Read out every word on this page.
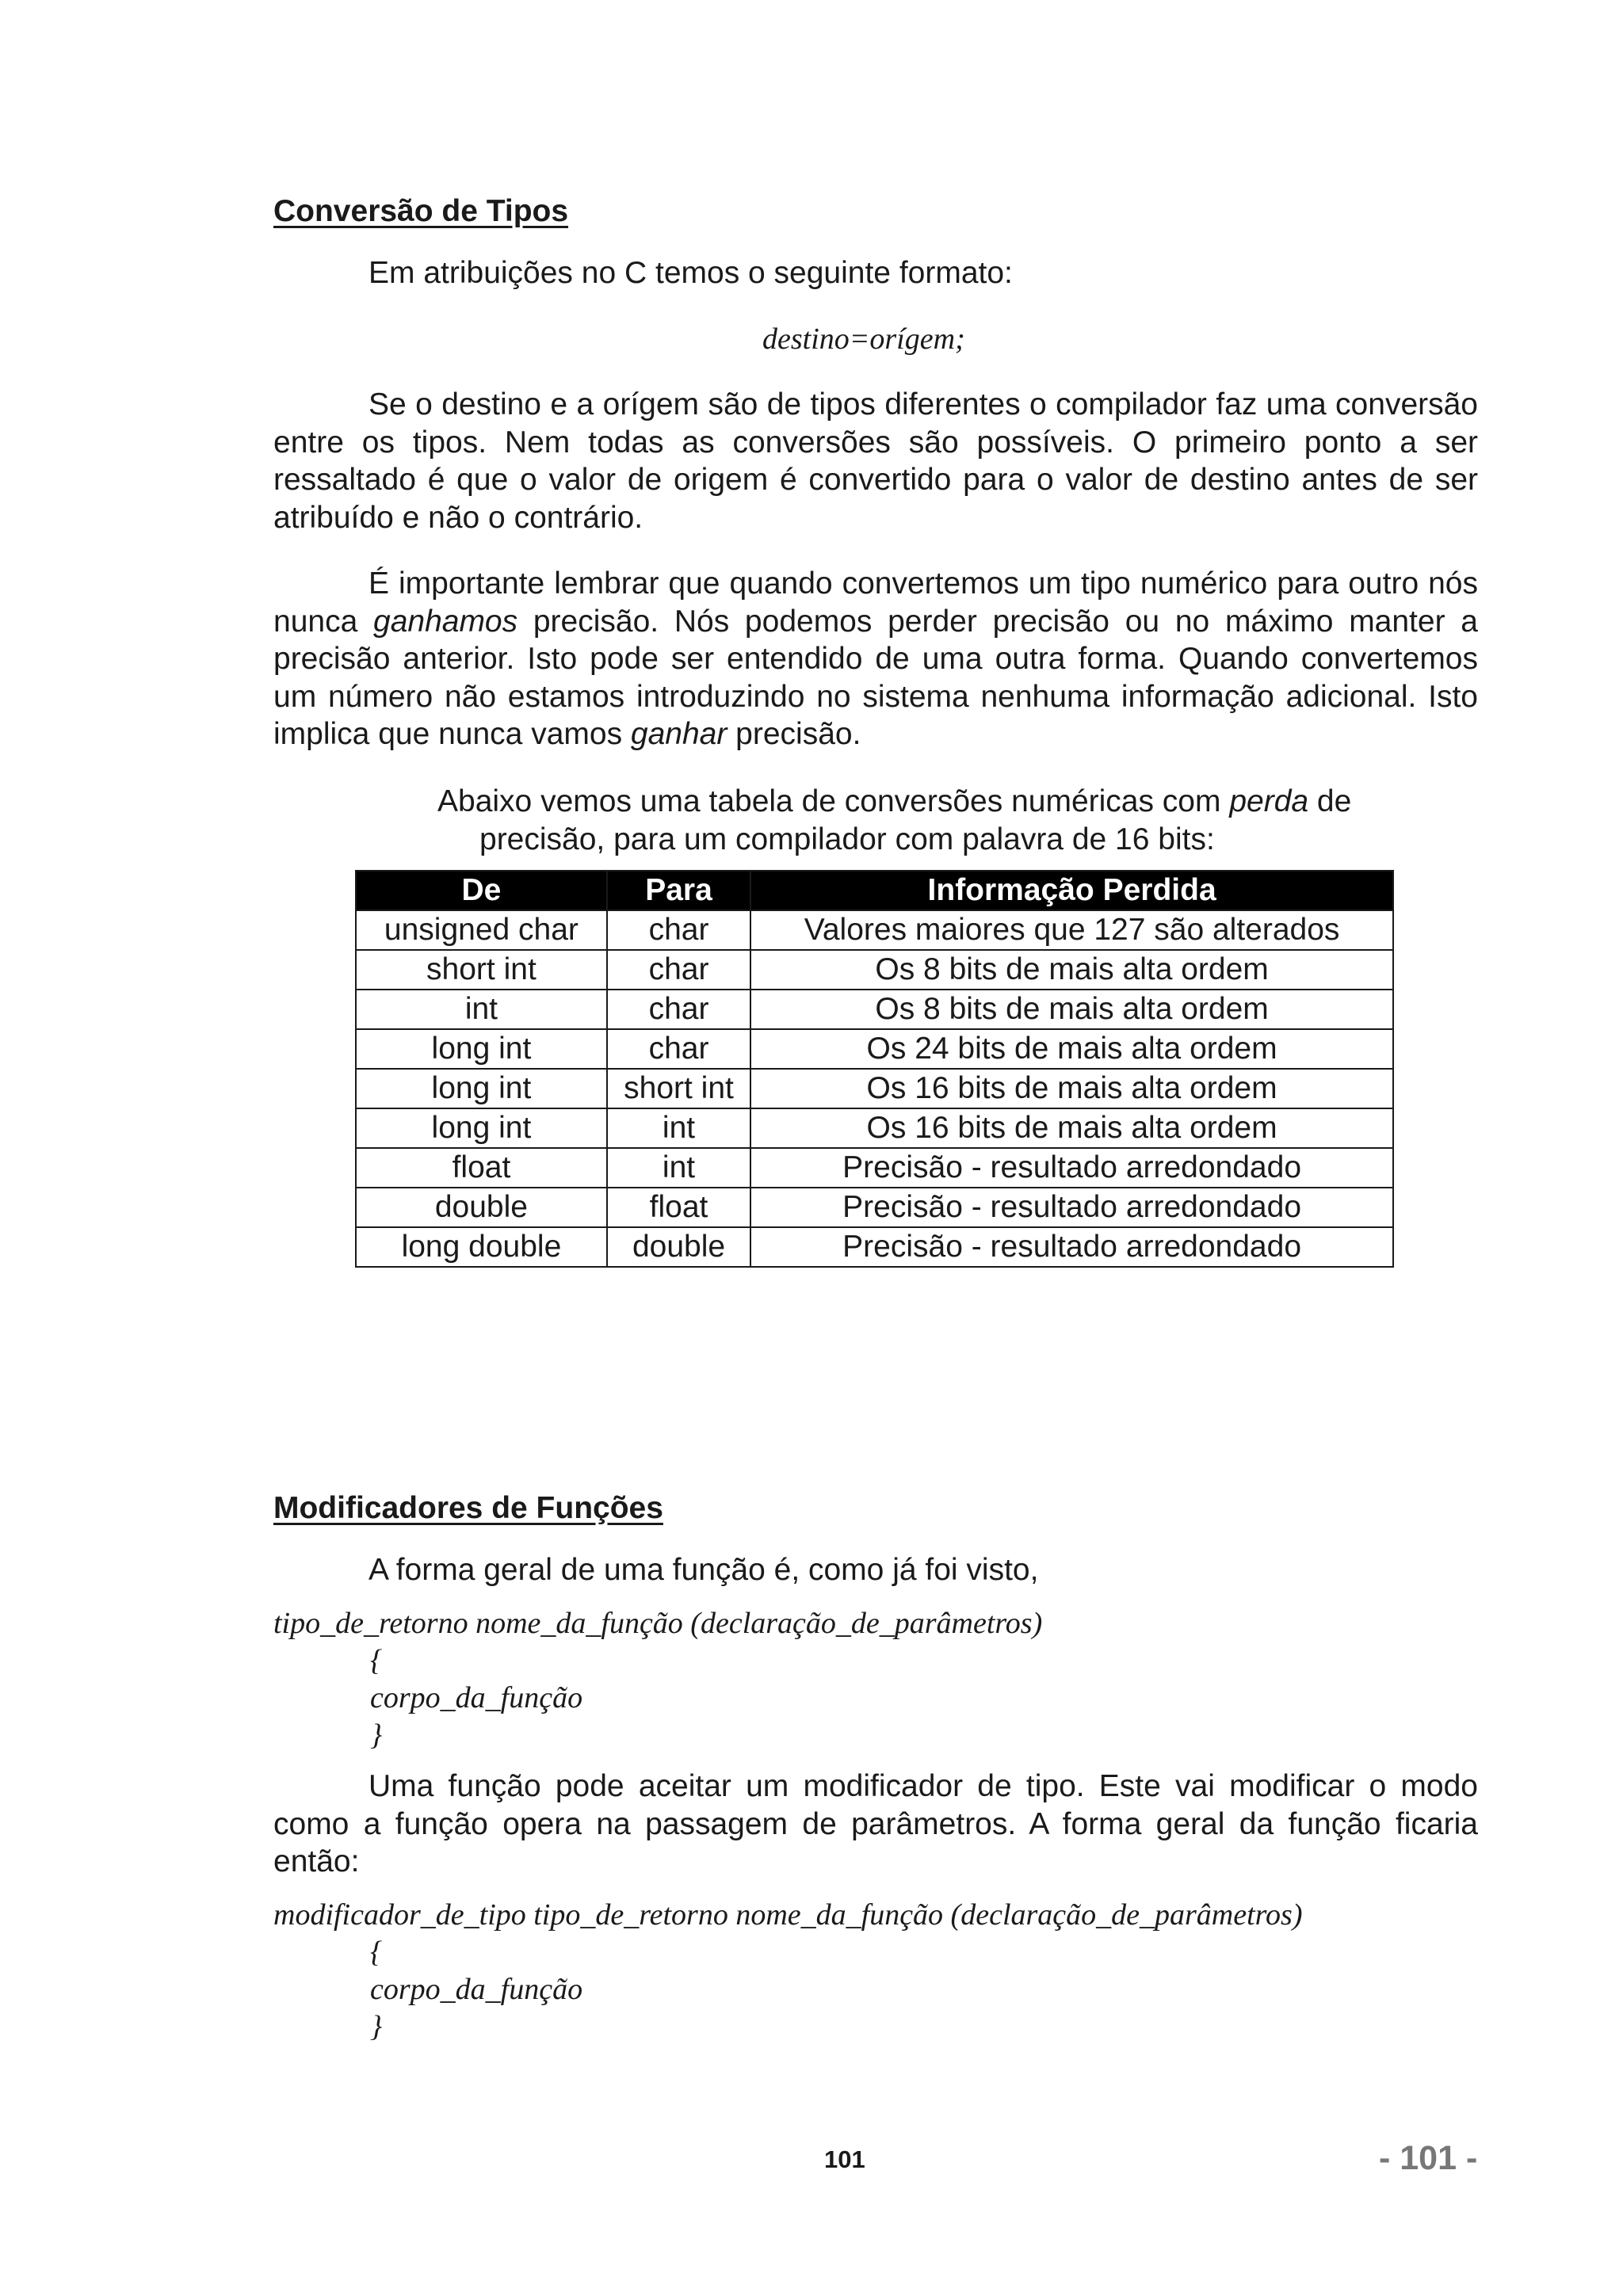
Conversão de Tipos
Em atribuições no C temos o seguinte formato:
destino=orígem;
Se o destino e a orígem são de tipos diferentes o compilador faz uma conversão entre os tipos. Nem todas as conversões são possíveis. O primeiro ponto a ser ressaltado é que o valor de origem é convertido para o valor de destino antes de ser atribuído e não o contrário.
É importante lembrar que quando convertemos um tipo numérico para outro nós nunca ganhamos precisão. Nós podemos perder precisão ou no máximo manter a precisão anterior. Isto pode ser entendido de uma outra forma. Quando convertemos um número não estamos introduzindo no sistema nenhuma informação adicional. Isto implica que nunca vamos ganhar precisão.
Abaixo vemos uma tabela de conversões numéricas com perda de
precisão, para um compilador com palavra de 16 bits:
De	Para	Informação Perdida
unsigned char	char	Valores maiores que 127 são alterados
short int	char	Os 8 bits de mais alta ordem
int	char	Os 8 bits de mais alta ordem
long int	char	Os 24 bits de mais alta ordem
long int	short int	Os 16 bits de mais alta ordem
long int	int	Os 16 bits de mais alta ordem
float	int	Precisão - resultado arredondado
double	float	Precisão - resultado arredondado
long double	double	Precisão - resultado arredondado
Modificadores de Funções
A forma geral de uma função é, como já foi visto,
tipo_de_retorno nome_da_função (declaração_de_parâmetros)
{
corpo_da_função
}
Uma função pode aceitar um modificador de tipo. Este vai modificar o modo como a função opera na passagem de parâmetros. A forma geral da função ficaria então:
modificador_de_tipo tipo_de_retorno nome_da_função (declaração_de_parâmetros)
{
corpo_da_função
}
101	- 101 -
